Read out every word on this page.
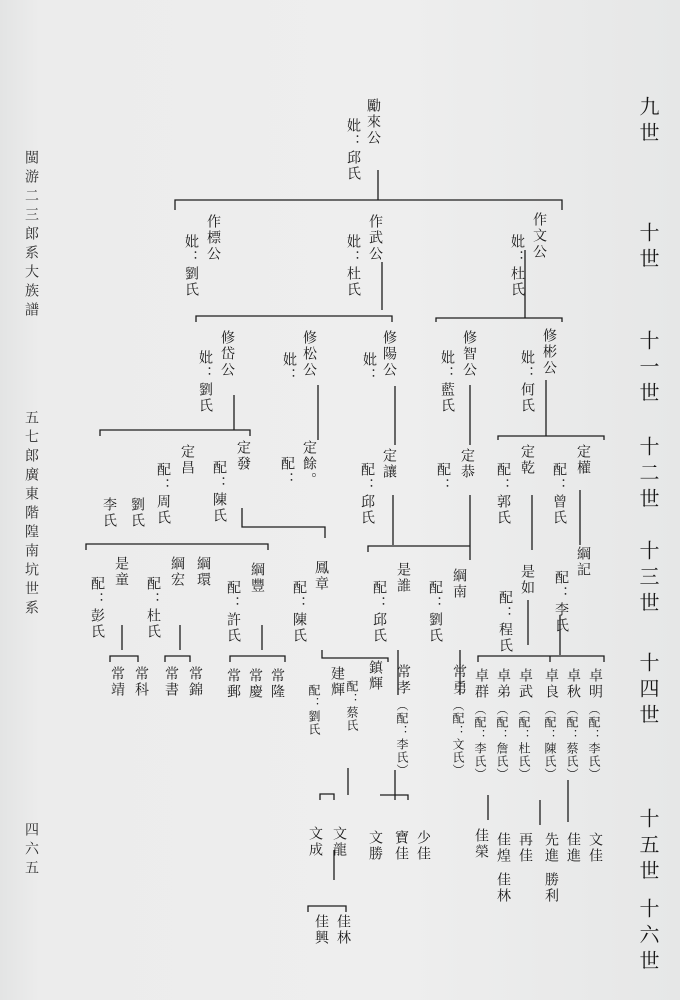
九世
十世
十一世
十二世
十三世
十四世
十五世
十六世
閩游二三郎系大族譜
五七郎廣東階隍南坑世系
四六五
勵來公
妣：邱氏
作文公
妣：杜氏
作武公
妣：杜氏
作標公
妣：劉氏
修彬公
妣：何氏
修智公
妣：藍氏
修陽公
妣：
修松公
妣：
修岱公
妣：劉氏
定權
配：曾氏
定乾
配：郭氏
定恭
配：
定讓
配：邱氏
定餘。
配：
定發
配：陳氏
定昌
配：周氏
劉氏
李氏
綱記
配：李氏
是如
配：程氏
綱南
配：劉氏
是誰
配：邱氏
鳳章
配：陳氏
綱豐
配：許氏
綱環
綱宏
配：杜氏
是童
配：彭氏
卓明
（配：李氏）
卓秋
（配：蔡氏）
卓良
（配：陳氏）
卓武
（配：杜氏）
卓弟
（配：詹氏）
卓群
（配：李氏）
常勇
（配：文氏）
常孝
（配：李氏）
鎮輝
配：蔡氏
建輝
配：劉氏
常隆
常慶
常郵
常錦
常書
常科
常靖
文佳
佳進
先進
勝利
再佳
佳煌
佳林
佳榮
少佳
寶佳
文勝
文龍
文成
佳林
佳興
